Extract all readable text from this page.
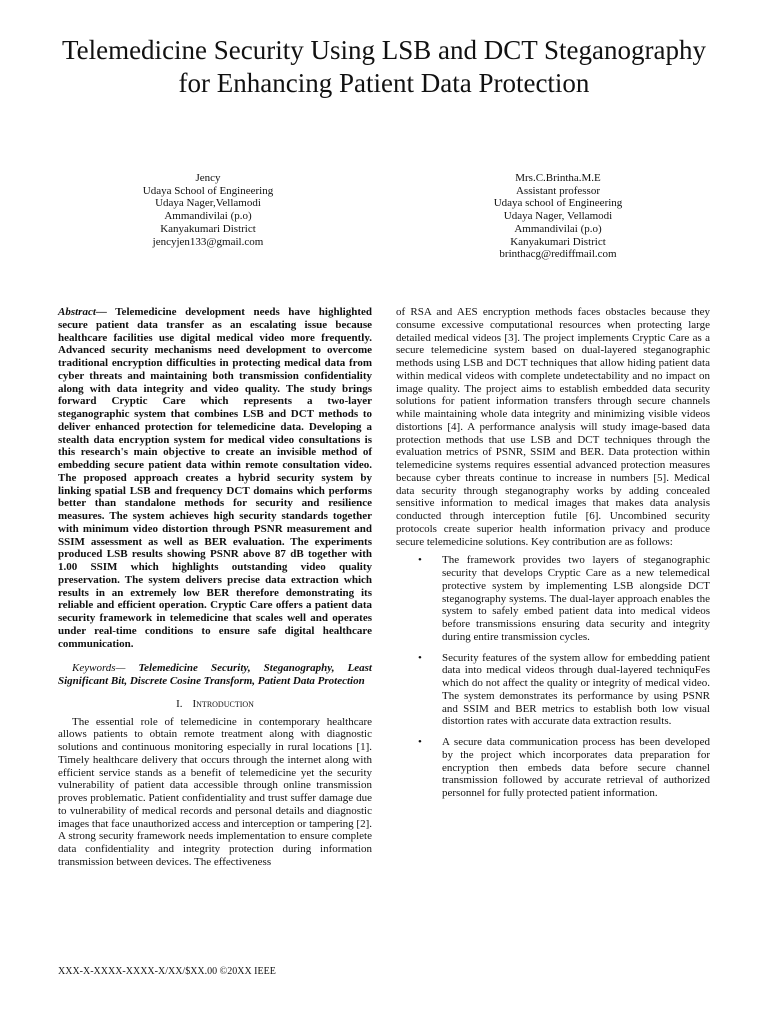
Telemedicine Security Using LSB and DCT Steganography for Enhancing Patient Data Protection
Jency
Udaya School of Engineering
Udaya Nager,Vellamodi
Ammandivilai (p.o)
Kanyakumari District
jencyjen133@gmail.com
Mrs.C.Brintha.M.E
Assistant professor
Udaya school of Engineering
Udaya Nager, Vellamodi
Ammandivilai (p.o)
Kanyakumari District
brinthacg@rediffmail.com

Abstract— Telemedicine development needs have highlighted secure patient data transfer as an escalating issue because healthcare facilities use digital medical video more frequently. Advanced security mechanisms need development to overcome traditional encryption difficulties in protecting medical data from cyber threats and maintaining both transmission confidentiality along with data integrity and video quality. The study brings forward Cryptic Care which represents a two-layer steganographic system that combines LSB and DCT methods to deliver enhanced protection for telemedicine data. Developing a stealth data encryption system for medical video consultations is this research's main objective to create an invisible method of embedding secure patient data within remote consultation video. The proposed approach creates a hybrid security system by linking spatial LSB and frequency DCT domains which performs better than standalone methods for security and resilience measures. The system achieves high security standards together with minimum video distortion through PSNR measurement and SSIM assessment as well as BER evaluation. The experiments produced LSB results showing PSNR above 87 dB together with 1.00 SSIM which highlights outstanding video quality preservation. The system delivers precise data extraction which results in an extremely low BER therefore demonstrating its reliable and efficient operation. Cryptic Care offers a patient data security framework in telemedicine that scales well and operates under real-time conditions to ensure safe digital healthcare communication.

Keywords— Telemedicine Security, Steganography, Least Significant Bit, Discrete Cosine Transform, Patient Data Protection

I. Introduction

The essential role of telemedicine in contemporary healthcare allows patients to obtain remote treatment along with diagnostic solutions and continuous monitoring especially in rural locations [1]. Timely healthcare delivery that occurs through the internet along with efficient service stands as a benefit of telemedicine yet the security vulnerability of patient data accessible through online transmission proves problematic. Patient confidentiality and trust suffer damage due to vulnerability of medical records and personal details and diagnostic images that face unauthorized access and interception or tampering [2]. A strong security framework needs implementation to ensure complete data confidentiality and integrity protection during information transmission between devices. The effectiveness

of RSA and AES encryption methods faces obstacles because they consume excessive computational resources when protecting large detailed medical videos [3]. The project implements Cryptic Care as a secure telemedicine system based on dual-layered steganographic methods using LSB and DCT techniques that allow hiding patient data within medical videos with complete undetectability and no impact on image quality. The project aims to establish embedded data security solutions for patient information transfers through secure channels while maintaining whole data integrity and minimizing visible videos distortions [4]. A performance analysis will study image-based data protection methods that use LSB and DCT techniques through the evaluation metrics of PSNR, SSIM and BER. Data protection within telemedicine systems requires essential advanced protection measures because cyber threats continue to increase in numbers [5]. Medical data security through steganography works by adding concealed sensitive information to medical images that makes data analysis conducted through interception futile [6]. Uncombined security protocols create superior health information privacy and produce secure telemedicine solutions. Key contribution are as follows:

• The framework provides two layers of steganographic security that develops Cryptic Care as a new telemedical protective system by implementing LSB alongside DCT steganography systems. The dual-layer approach enables the system to safely embed patient data into medical videos before transmissions ensuring data security and integrity during entire transmission cycles.
• Security features of the system allow for embedding patient data into medical videos through dual-layered techniquFes which do not affect the quality or integrity of medical video. The system demonstrates its performance by using PSNR and SSIM and BER metrics to establish both low visual distortion rates with accurate data extraction results.
• A secure data communication process has been developed by the project which incorporates data preparation for encryption then embeds data before secure channel transmission followed by accurate retrieval of authorized personnel for fully protected patient information.
XXX-X-XXXX-XXXX-X/XX/$XX.00 ©20XX IEEE
